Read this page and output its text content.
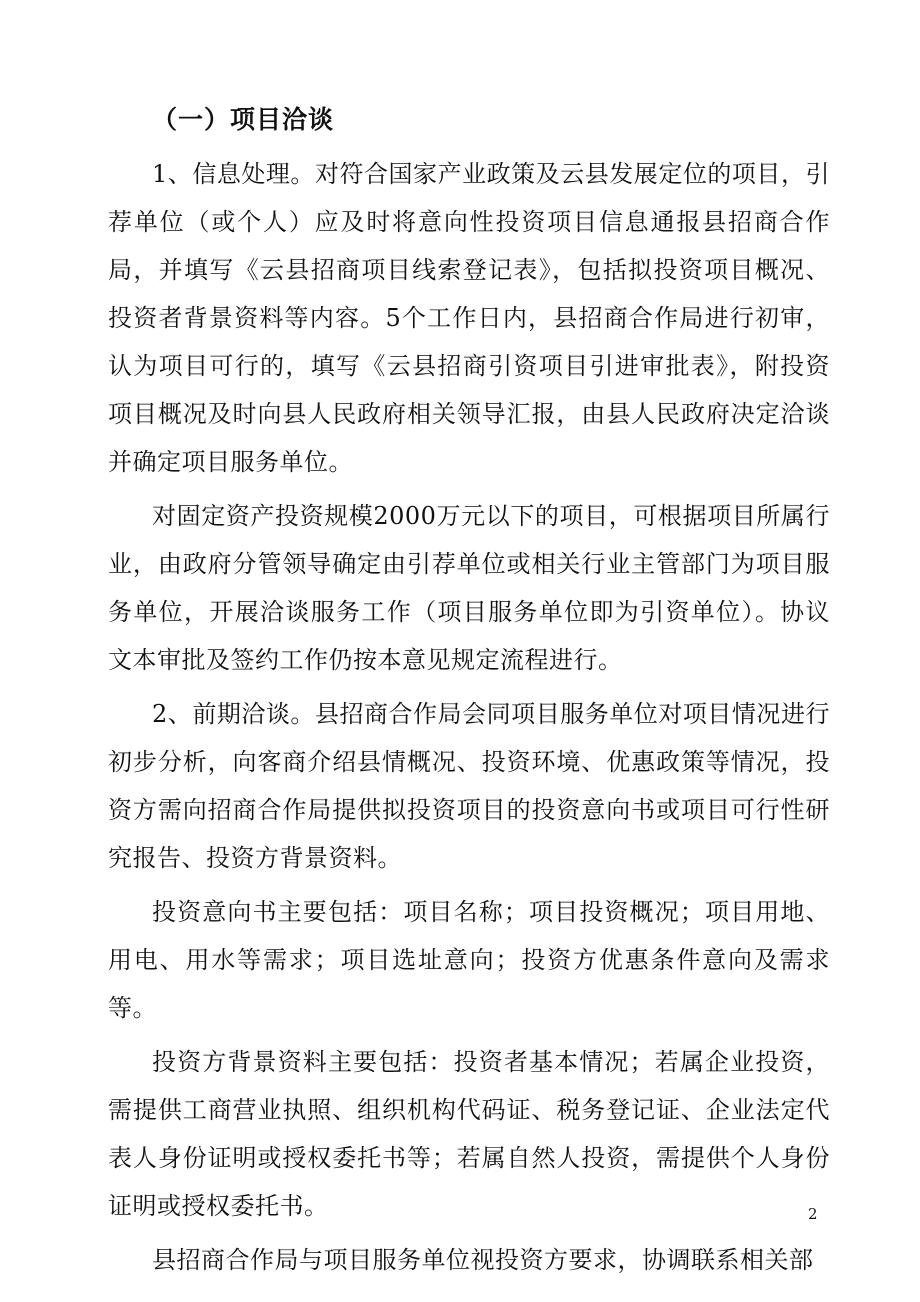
（一）项目洽谈

1、信息处理。对符合国家产业政策及云县发展定位的项目，引荐单位（或个人）应及时将意向性投资项目信息通报县招商合作局，并填写《云县招商项目线索登记表》，包括拟投资项目概况、投资者背景资料等内容。5个工作日内，县招商合作局进行初审，认为项目可行的，填写《云县招商引资项目引进审批表》，附投资项目概况及时向县人民政府相关领导汇报，由县人民政府决定洽谈并确定项目服务单位。

对固定资产投资规模2000万元以下的项目，可根据项目所属行业，由政府分管领导确定由引荐单位或相关行业主管部门为项目服务单位，开展洽谈服务工作（项目服务单位即为引资单位）。协议文本审批及签约工作仍按本意见规定流程进行。

2、前期洽谈。县招商合作局会同项目服务单位对项目情况进行初步分析，向客商介绍县情概况、投资环境、优惠政策等情况，投资方需向招商合作局提供拟投资项目的投资意向书或项目可行性研究报告、投资方背景资料。

投资意向书主要包括：项目名称；项目投资概况；项目用地、用电、用水等需求；项目选址意向；投资方优惠条件意向及需求等。

投资方背景资料主要包括：投资者基本情况；若属企业投资，需提供工商营业执照、组织机构代码证、税务登记证、企业法定代表人身份证明或授权委托书等；若属自然人投资，需提供个人身份证明或授权委托书。

县招商合作局与项目服务单位视投资方要求，协调联系相关部

2
